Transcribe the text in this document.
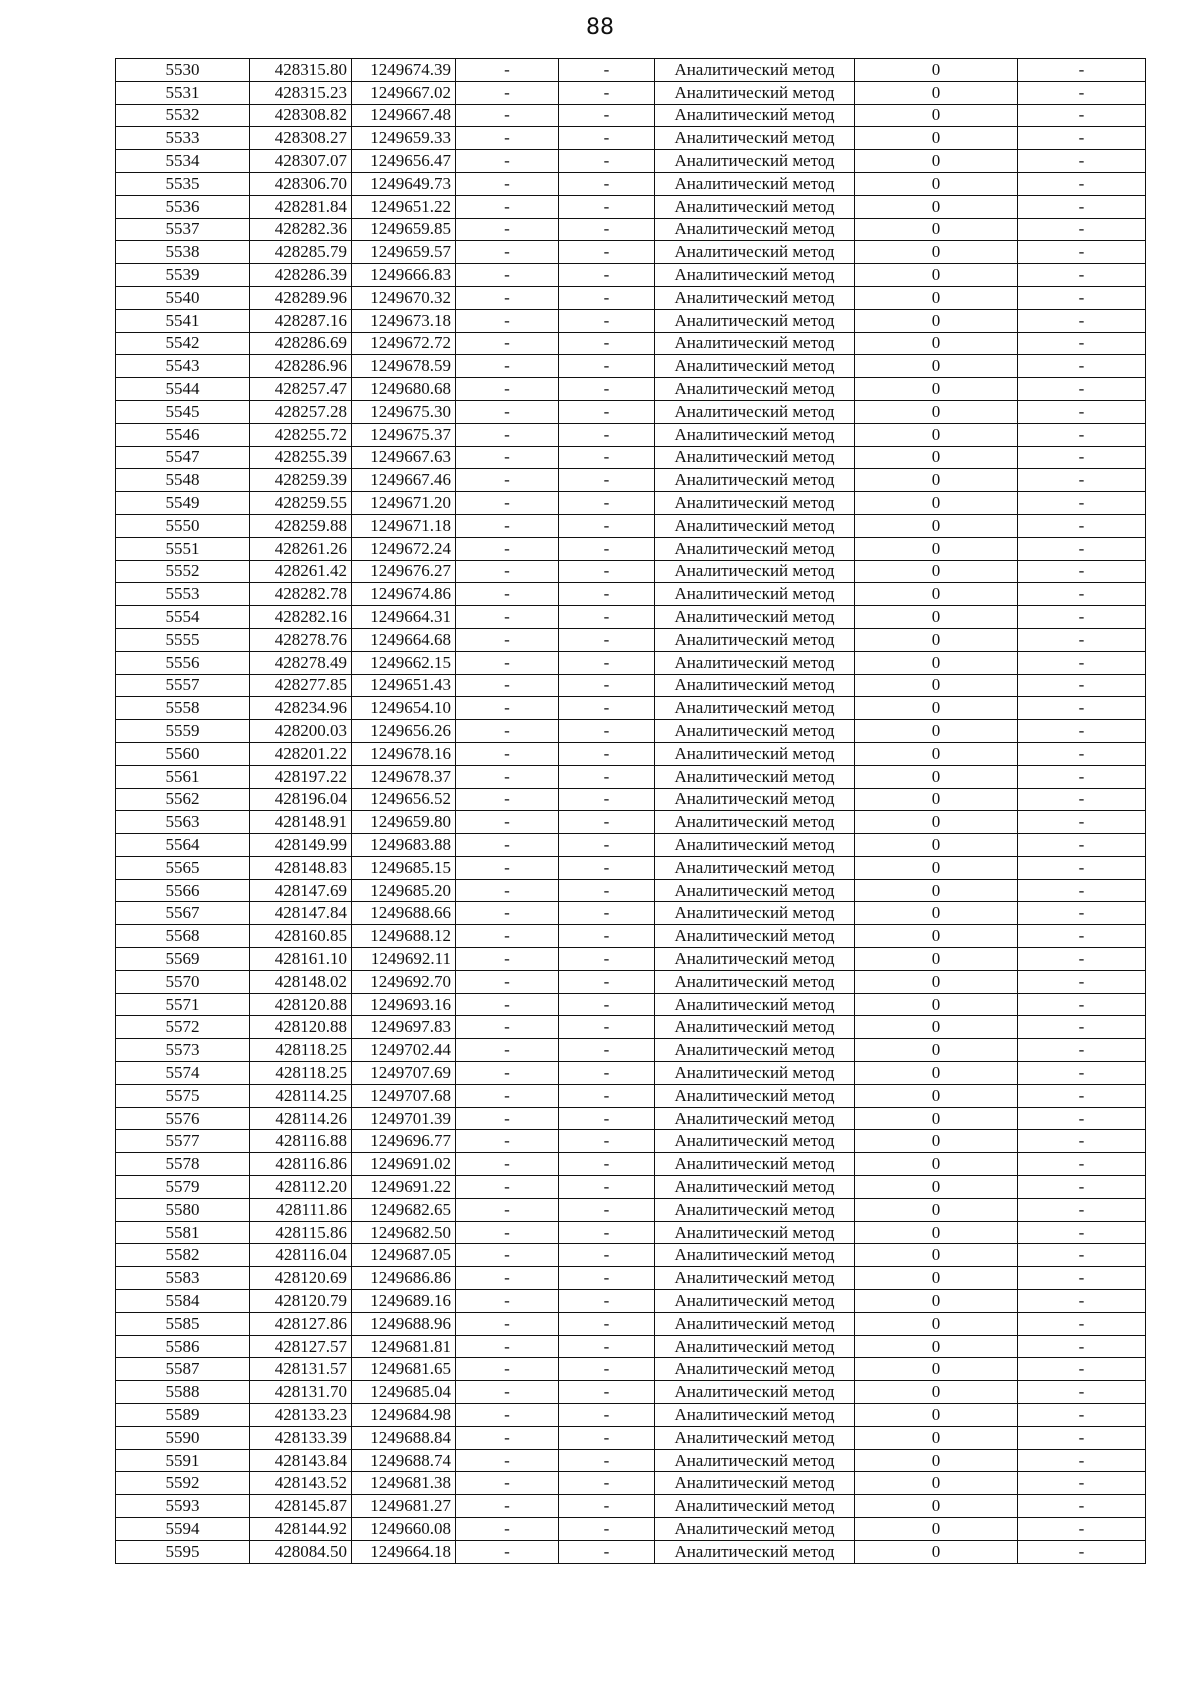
88
5530	428315.80	1249674.39	-	-	Аналитический метод	0	-
5531	428315.23	1249667.02	-	-	Аналитический метод	0	-
5532	428308.82	1249667.48	-	-	Аналитический метод	0	-
5533	428308.27	1249659.33	-	-	Аналитический метод	0	-
5534	428307.07	1249656.47	-	-	Аналитический метод	0	-
5535	428306.70	1249649.73	-	-	Аналитический метод	0	-
5536	428281.84	1249651.22	-	-	Аналитический метод	0	-
5537	428282.36	1249659.85	-	-	Аналитический метод	0	-
5538	428285.79	1249659.57	-	-	Аналитический метод	0	-
5539	428286.39	1249666.83	-	-	Аналитический метод	0	-
5540	428289.96	1249670.32	-	-	Аналитический метод	0	-
5541	428287.16	1249673.18	-	-	Аналитический метод	0	-
5542	428286.69	1249672.72	-	-	Аналитический метод	0	-
5543	428286.96	1249678.59	-	-	Аналитический метод	0	-
5544	428257.47	1249680.68	-	-	Аналитический метод	0	-
5545	428257.28	1249675.30	-	-	Аналитический метод	0	-
5546	428255.72	1249675.37	-	-	Аналитический метод	0	-
5547	428255.39	1249667.63	-	-	Аналитический метод	0	-
5548	428259.39	1249667.46	-	-	Аналитический метод	0	-
5549	428259.55	1249671.20	-	-	Аналитический метод	0	-
5550	428259.88	1249671.18	-	-	Аналитический метод	0	-
5551	428261.26	1249672.24	-	-	Аналитический метод	0	-
5552	428261.42	1249676.27	-	-	Аналитический метод	0	-
5553	428282.78	1249674.86	-	-	Аналитический метод	0	-
5554	428282.16	1249664.31	-	-	Аналитический метод	0	-
5555	428278.76	1249664.68	-	-	Аналитический метод	0	-
5556	428278.49	1249662.15	-	-	Аналитический метод	0	-
5557	428277.85	1249651.43	-	-	Аналитический метод	0	-
5558	428234.96	1249654.10	-	-	Аналитический метод	0	-
5559	428200.03	1249656.26	-	-	Аналитический метод	0	-
5560	428201.22	1249678.16	-	-	Аналитический метод	0	-
5561	428197.22	1249678.37	-	-	Аналитический метод	0	-
5562	428196.04	1249656.52	-	-	Аналитический метод	0	-
5563	428148.91	1249659.80	-	-	Аналитический метод	0	-
5564	428149.99	1249683.88	-	-	Аналитический метод	0	-
5565	428148.83	1249685.15	-	-	Аналитический метод	0	-
5566	428147.69	1249685.20	-	-	Аналитический метод	0	-
5567	428147.84	1249688.66	-	-	Аналитический метод	0	-
5568	428160.85	1249688.12	-	-	Аналитический метод	0	-
5569	428161.10	1249692.11	-	-	Аналитический метод	0	-
5570	428148.02	1249692.70	-	-	Аналитический метод	0	-
5571	428120.88	1249693.16	-	-	Аналитический метод	0	-
5572	428120.88	1249697.83	-	-	Аналитический метод	0	-
5573	428118.25	1249702.44	-	-	Аналитический метод	0	-
5574	428118.25	1249707.69	-	-	Аналитический метод	0	-
5575	428114.25	1249707.68	-	-	Аналитический метод	0	-
5576	428114.26	1249701.39	-	-	Аналитический метод	0	-
5577	428116.88	1249696.77	-	-	Аналитический метод	0	-
5578	428116.86	1249691.02	-	-	Аналитический метод	0	-
5579	428112.20	1249691.22	-	-	Аналитический метод	0	-
5580	428111.86	1249682.65	-	-	Аналитический метод	0	-
5581	428115.86	1249682.50	-	-	Аналитический метод	0	-
5582	428116.04	1249687.05	-	-	Аналитический метод	0	-
5583	428120.69	1249686.86	-	-	Аналитический метод	0	-
5584	428120.79	1249689.16	-	-	Аналитический метод	0	-
5585	428127.86	1249688.96	-	-	Аналитический метод	0	-
5586	428127.57	1249681.81	-	-	Аналитический метод	0	-
5587	428131.57	1249681.65	-	-	Аналитический метод	0	-
5588	428131.70	1249685.04	-	-	Аналитический метод	0	-
5589	428133.23	1249684.98	-	-	Аналитический метод	0	-
5590	428133.39	1249688.84	-	-	Аналитический метод	0	-
5591	428143.84	1249688.74	-	-	Аналитический метод	0	-
5592	428143.52	1249681.38	-	-	Аналитический метод	0	-
5593	428145.87	1249681.27	-	-	Аналитический метод	0	-
5594	428144.92	1249660.08	-	-	Аналитический метод	0	-
5595	428084.50	1249664.18	-	-	Аналитический метод	0	-
